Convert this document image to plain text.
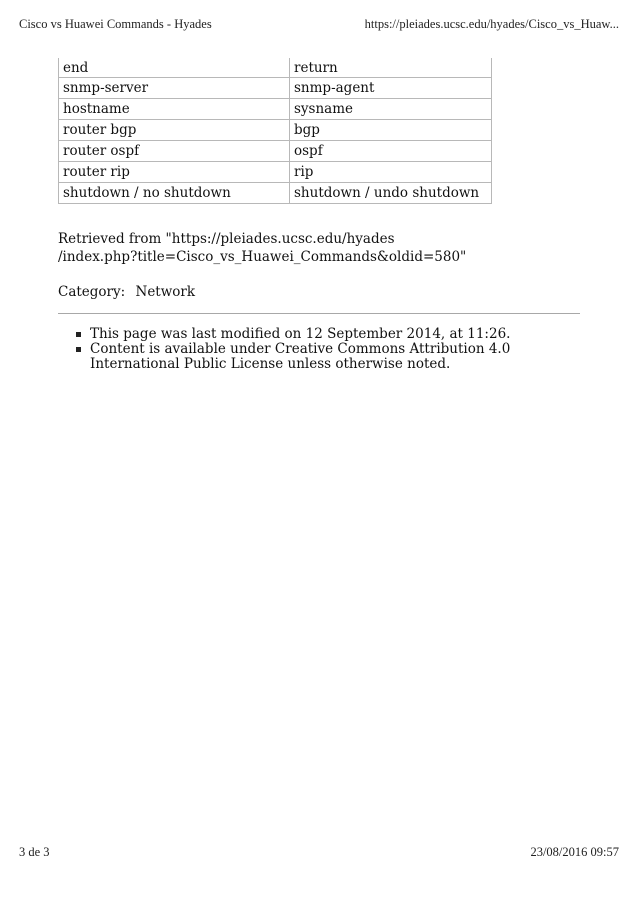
Cisco vs Huawei Commands - Hyades	https://pleiades.ucsc.edu/hyades/Cisco_vs_Huaw...
end	return
snmp-server	snmp-agent
hostname	sysname
router bgp	bgp
router ospf	ospf
router rip	rip
shutdown / no shutdown	shutdown / undo shutdown
Retrieved from "https://pleiades.ucsc.edu/hyades
/index.php?title=Cisco_vs_Huawei_Commands&oldid=580"
Category: Network
This page was last modified on 12 September 2014, at 11:26.
Content is available under Creative Commons Attribution 4.0 International Public License unless otherwise noted.
3 de 3	23/08/2016 09:57
